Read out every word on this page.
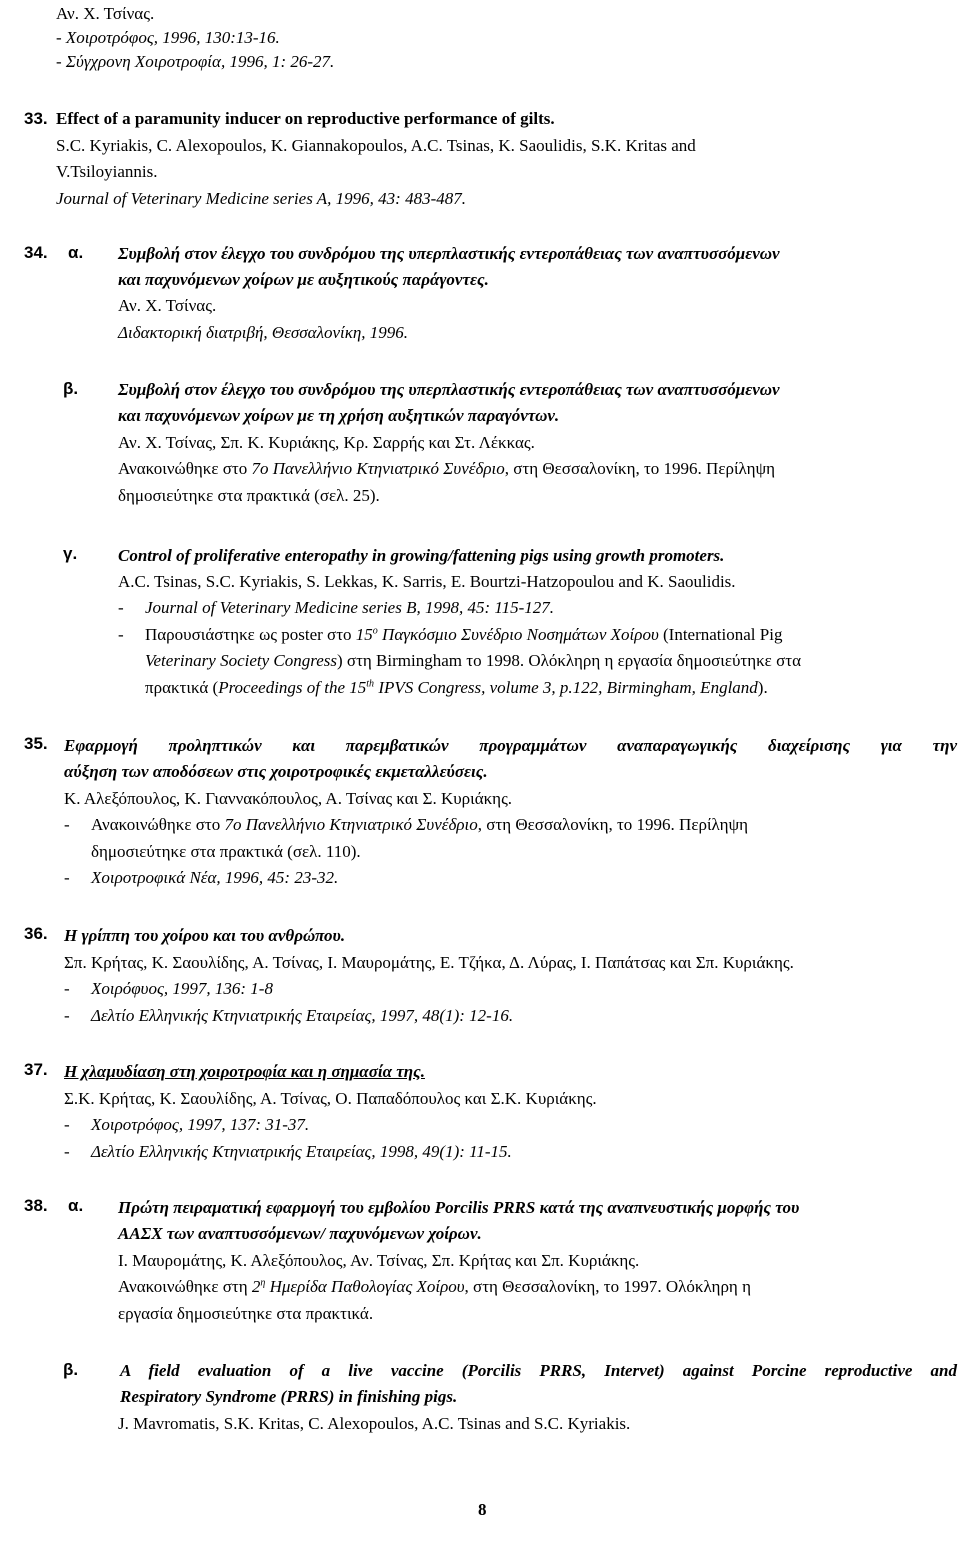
Αν. Χ. Τσίνας.
- Χοιροτρόφος, 1996, 130:13-16.
- Σύγχρονη Χοιροτροφία, 1996, 1: 26-27.
33. Effect of a paramunity inducer on reproductive performance of gilts.
S.C. Kyriakis, C. Alexopoulos, K. Giannakopoulos, A.C. Tsinas, K. Saoulidis, S.K. Kritas and
V.Tsiloyiannis.
Journal of Veterinary Medicine series A, 1996, 43: 483-487.
34. α. Συμβολή στον έλεγχο του συνδρόμου της υπερπλαστικής εντεροπάθειας των αναπτυσσόμενων
και παχυνόμενων χοίρων με αυξητικούς παράγοντες.
Αν. Χ. Τσίνας.
Διδακτορική διατριβή, Θεσσαλονίκη, 1996.
β. Συμβολή στον έλεγχο του συνδρόμου της υπερπλαστικής εντεροπάθειας των αναπτυσσόμενων
και παχυνόμενων χοίρων με τη χρήση αυξητικών παραγόντων.
Αν. Χ. Τσίνας, Σπ. Κ. Κυριάκης, Κρ. Σαρρής και Στ. Λέκκας.
Ανακοινώθηκε στο 7ο Πανελλήνιο Κτηνιατρικό Συνέδριο, στη Θεσσαλονίκη, το 1996. Περίληψη
δημοσιεύτηκε στα πρακτικά (σελ. 25).
γ. Control of proliferative enteropathy in growing/fattening pigs using growth promoters.
A.C. Tsinas, S.C. Kyriakis, S. Lekkas, K. Sarris, E. Bourtzi-Hatzopoulou and K. Saoulidis.
- Journal of Veterinary Medicine series B, 1998, 45: 115-127.
- Παρουσιάστηκε ως poster στο $15^o$ Παγκόσμιο Συνέδριο Νοσημάτων Χοίρου (International Pig
Veterinary Society Congress) στη Birmingham το 1998. Ολόκληρη η εργασία δημοσιεύτηκε στα
πρακτικά (Proceedings of the 15th IPVS Congress, volume 3, p.122, Birmingham, England).
35. Εφαρμογή προληπτικών και παρεμβατικών προγραμμάτων αναπαραγωγικής διαχείρισης για την
αύξηση των αποδόσεων στις χοιροτροφικές εκμεταλλεύσεις.
Κ. Αλεξόπουλος, Κ. Γιαννακόπουλος, Α. Τσίνας και Σ. Κυριάκης.
- Ανακοινώθηκε στο 7ο Πανελλήνιο Κτηνιατρικό Συνέδριο, στη Θεσσαλονίκη, το 1996. Περίληψη
δημοσιεύτηκε στα πρακτικά (σελ. 110).
- Χοιροτροφικά Νέα, 1996, 45: 23-32.
36. Η γρίππη του χοίρου και του ανθρώπου.
Σπ. Κρήτας, Κ. Σαουλίδης, Α. Τσίνας, Ι. Μαυρομάτης, Ε. Τζήκα, Δ. Λύρας, Ι. Παπάτσας και Σπ. Κυριάκης.
- Χοιρόφυος, 1997, 136: 1-8
- Δελτίο Ελληνικής Κτηνιατρικής Εταιρείας, 1997, 48(1): 12-16.
37. Η χλαμυδίαση στη χοιροτροφία και η σημασία της.
Σ.Κ. Κρήτας, Κ. Σαουλίδης, Α. Τσίνας, Ο. Παπαδόπουλος και Σ.Κ. Κυριάκης.
- Χοιροτρόφος, 1997, 137: 31-37.
- Δελτίο Ελληνικής Κτηνιατρικής Εταιρείας, 1998, 49(1): 11-15.
38. α. Πρώτη πειραματική εφαρμογή του εμβολίου Porcilis PRRS κατά της αναπνευστικής μορφής του
ΑΑΣΧ των αναπτυσσόμενων/ παχυνόμενων χοίρων.
Ι. Μαυρομάτης, Κ. Αλεξόπουλος, Αν. Τσίνας, Σπ. Κρήτας και Σπ. Κυριάκης.
Ανακοινώθηκε στη $2^\eta$ Ημερίδα Παθολογίας Χοίρου, στη Θεσσαλονίκη, το 1997. Ολόκληρη η
εργασία δημοσιεύτηκε στα πρακτικά.
β. A field evaluation of a live vaccine (Porcilis PRRS, Intervet) against Porcine reproductive and
Respiratory Syndrome (PRRS) in finishing pigs.
J. Mavromatis, S.K. Kritas, C. Alexopoulos, A.C. Tsinas and S.C. Kyriakis.
8
